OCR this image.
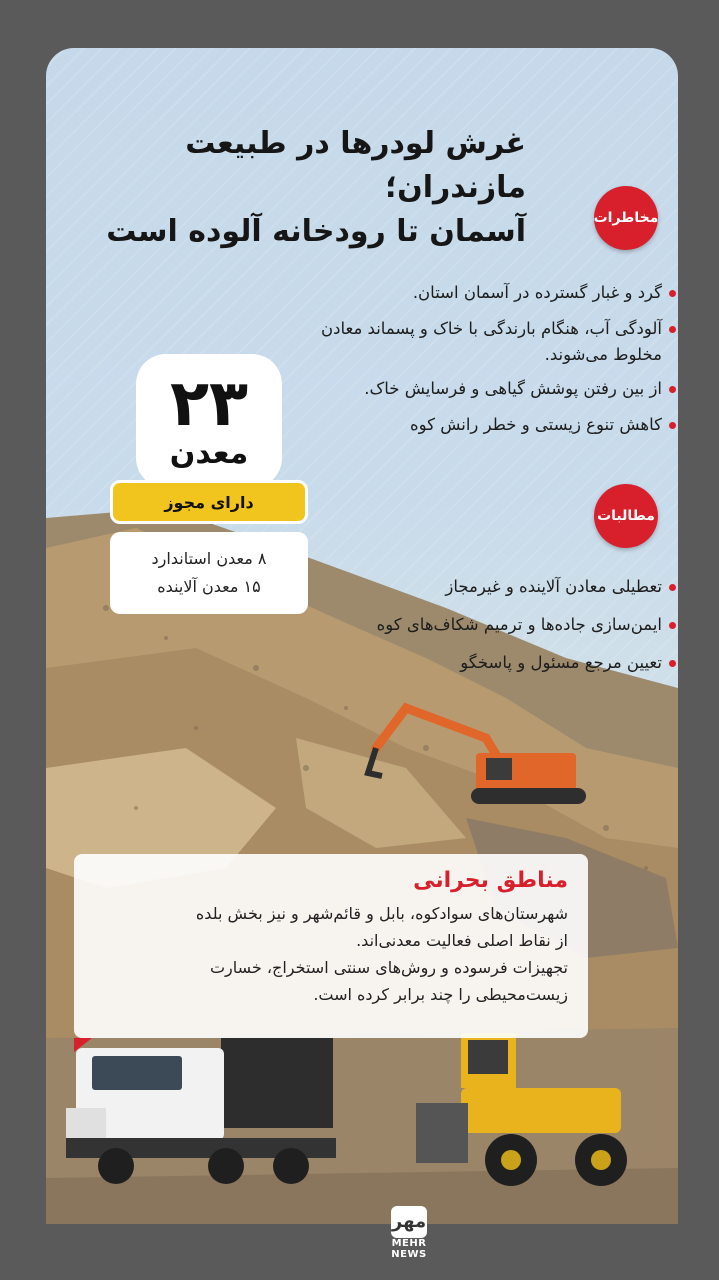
غرش لودرها در طبیعت مازندران؛
آسمان تا رودخانه آلوده است	مخاطرات
گرد و غبار گسترده در آسمان استان.
آلودگی آب، هنگام بارندگی با خاک و پسماند معادن مخلوط می‌شوند.
از بین رفتن پوشش گیاهی و فرسایش خاک.
کاهش تنوع زیستی و خطر رانش کوه
۲۳
معدن
دارای مجوز
۸ معدن استاندارد
۱۵ معدن آلاینده
مطالبات
تعطیلی معادن آلاینده و غیرمجاز
ایمن‌سازی جاده‌ها و ترمیم شکاف‌های کوه
تعیین مرجع مسئول و پاسخگو
مناطق بحرانی

شهرستان‌های سوادکوه، بابل و قائم‌شهر و نیز بخش بلده
از نقاط اصلی فعالیت معدنی‌اند.
تجهیزات فرسوده و روش‌های سنتی استخراج، خسارت
زیست‌محیطی را چند برابر کرده است.

مهر
MEHR
NEWS
